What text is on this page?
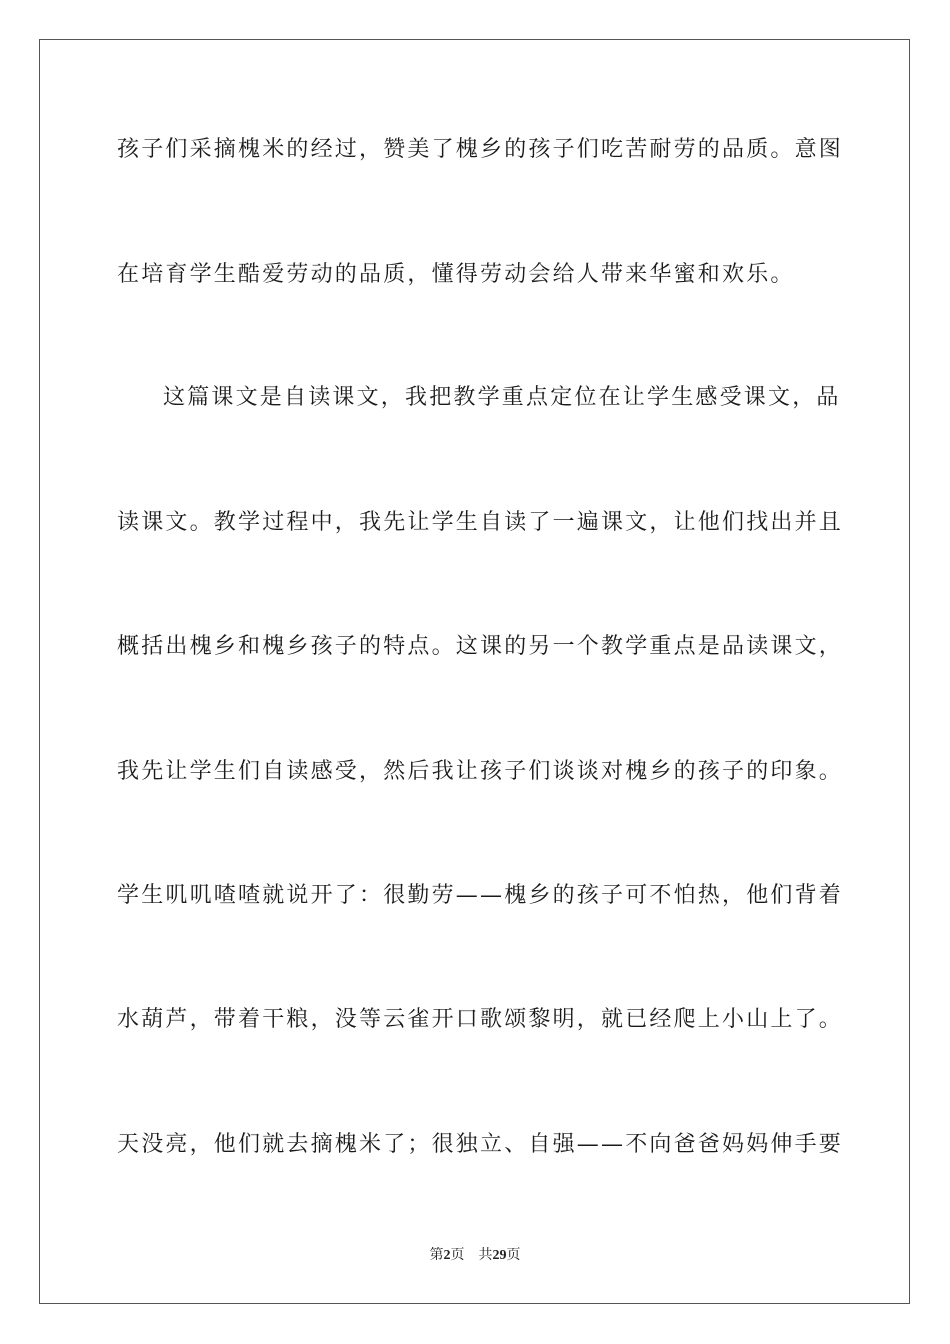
孩子们采摘槐米的经过，赞美了槐乡的孩子们吃苦耐劳的品质。意图
在培育学生酷爱劳动的品质，懂得劳动会给人带来华蜜和欢乐。
这篇课文是自读课文，我把教学重点定位在让学生感受课文，品
读课文。教学过程中，我先让学生自读了一遍课文，让他们找出并且
概括出槐乡和槐乡孩子的特点。这课的另一个教学重点是品读课文，
我先让学生们自读感受，然后我让孩子们谈谈对槐乡的孩子的印象。
学生叽叽喳喳就说开了：很勤劳——槐乡的孩子可不怕热，他们背着
水葫芦，带着干粮，没等云雀开口歌颂黎明，就已经爬上小山上了。
天没亮，他们就去摘槐米了；很独立、自强——不向爸爸妈妈伸手要
第2页 共29页
